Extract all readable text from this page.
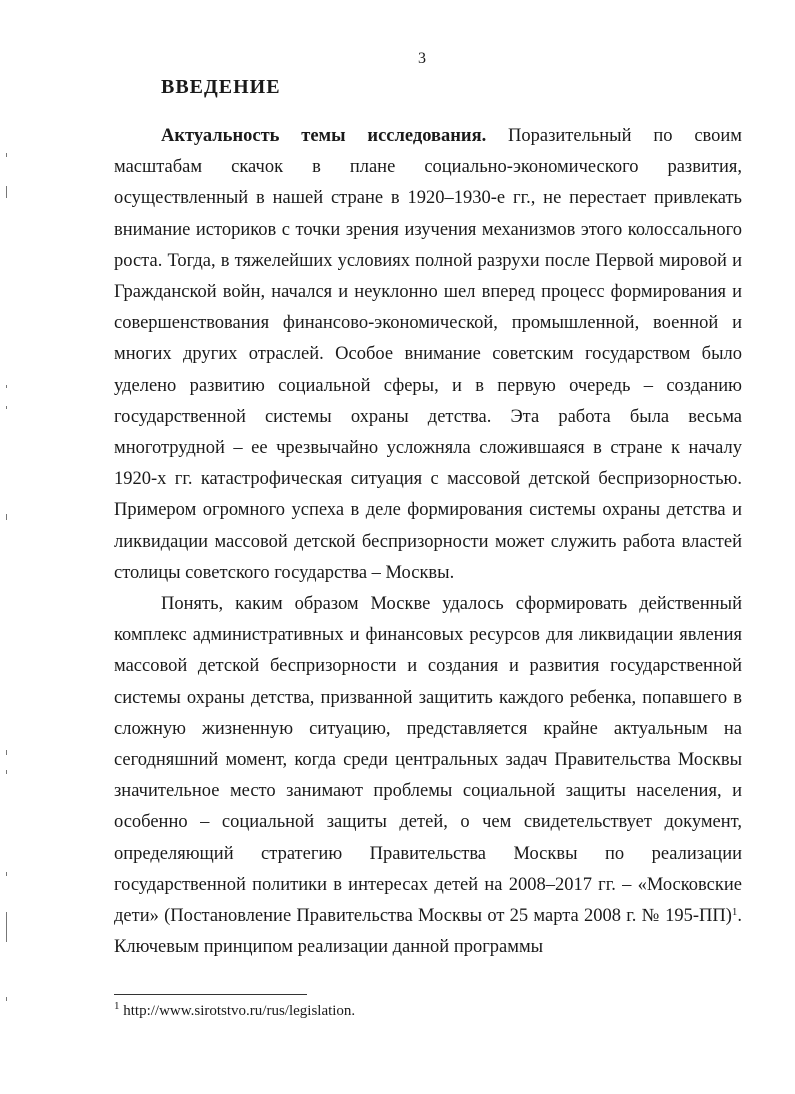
3
ВВЕДЕНИЕ

Актуальность темы исследования. Поразительный по своим масштабам скачок в плане социально-экономического развития, осуществленный в нашей стране в 1920–1930-е гг., не перестает привлекать внимание историков с точки зрения изучения механизмов этого колоссального роста. Тогда, в тяжелейших условиях полной разрухи после Первой мировой и Гражданской войн, начался и неуклонно шел вперед процесс формирования и совершенствования финансово-экономической, промышленной, военной и многих других отраслей. Особое внимание советским государством было уделено развитию социальной сферы, и в первую очередь – созданию государственной системы охраны детства. Эта работа была весьма многотрудной – ее чрезвычайно усложняла сложившаяся в стране к началу 1920-х гг. катастрофическая ситуация с массовой детской беспризорностью. Примером огромного успеха в деле формирования системы охраны детства и ликвидации массовой детской беспризорности может служить работа властей столицы советского государства – Москвы.

Понять, каким образом Москве удалось сформировать действенный комплекс административных и финансовых ресурсов для ликвидации явления массовой детской беспризорности и создания и развития государственной системы охраны детства, призванной защитить каждого ребенка, попавшего в сложную жизненную ситуацию, представляется крайне актуальным на сегодняшний момент, когда среди центральных задач Правительства Москвы значительное место занимают проблемы социальной защиты населения, и особенно – социальной защиты детей, о чем свидетельствует документ, определяющий стратегию Правительства Москвы по реализации государственной политики в интересах детей на 2008–2017 гг. – «Московские дети» (Постановление Правительства Москвы от 25 марта 2008 г. № 195-ПП)$^1$. Ключевым принципом реализации данной программы

$^1$ http://www.sirotstvo.ru/rus/legislation.
